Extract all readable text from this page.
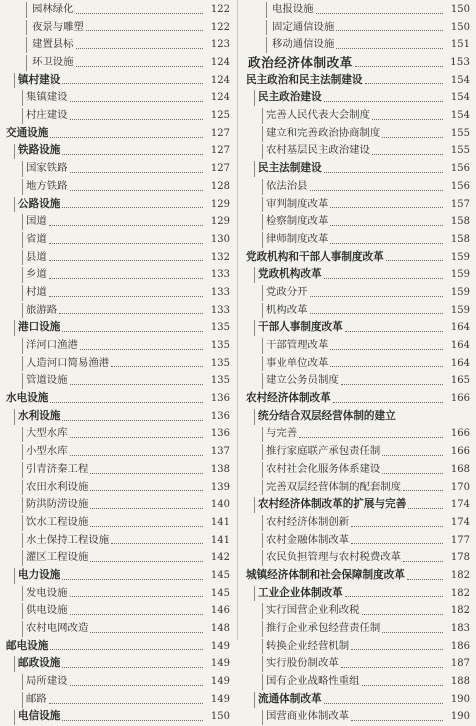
园林绿化	122
夜景与雕塑	122
建置县标	123
环卫设施	124
镇村建设	124
集镇建设	124
村庄建设	125
交通设施	127
铁路设施	127
国家铁路	127
地方铁路	128
公路设施	129
国道	129
省道	130
县道	132
乡道	133
村道	133
旅游路	133
港口设施	135
洋河口渔港	135
人造河口简易渔港	135
管道设施	135
水电设施	136
水利设施	136
大型水库	136
小型水库	137
引青济秦工程	138
农田水利设施	139
防洪防涝设施	140
饮水工程设施	141
水土保持工程设施	141
灌区工程设施	142
电力设施	145
发电设施	145
供电设施	146
农村电网改造	148
邮电设施	149
邮政设施	149
局所建设	149
邮路	149
电信设施	150
电报设施	150
固定通信设施	150
移动通信设施	151
政治经济体制改革	153
民主政治和民主法制建设	154
民主政治建设	154
完善人民代表大会制度	154
建立和完善政治协商制度	155
农村基层民主政治建设	155
民主法制建设	156
依法治县	156
审判制度改革	157
检察制度改革	158
律师制度改革	158
党政机构和干部人事制度改革	159
党政机构改革	159
党政分开	159
机构改革	159
干部人事制度改革	164
干部管理改革	164
事业单位改革	164
建立公务员制度	165
农村经济体制改革	166
统分结合双层经营体制的建立
与完善	166
推行家庭联产承包责任制	166
农村社会化服务体系建设	168
完善双层经营体制的配套制度	170
农村经济体制改革的扩展与完善	174
农村经济体制创新	174
农村金融体制改革	177
农民负担管理与农村税费改革	178
城镇经济体制和社会保障制度改革	182
工业企业体制改革	182
实行国营企业利改税	182
推行企业承包经营责任制	183
转换企业经营机制	186
实行股份制改革	187
国有企业战略性重组	188
流通体制改革	190
国营商业体制改革	190
